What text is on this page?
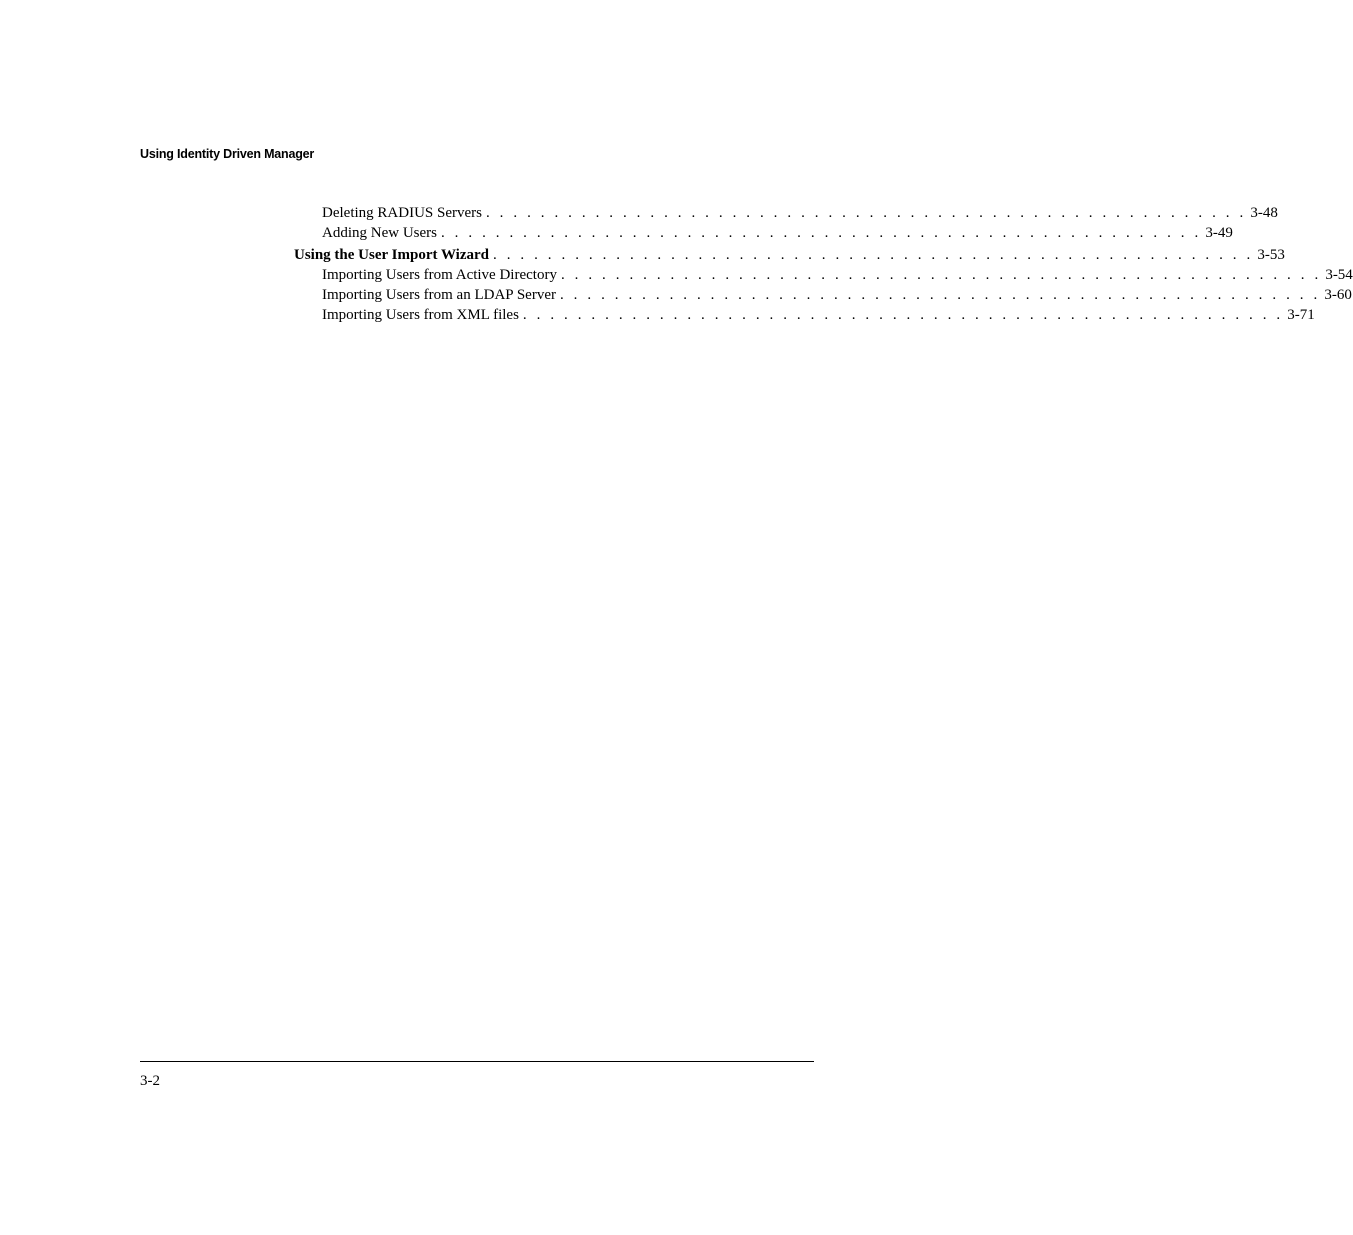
Using Identity Driven Manager
Deleting RADIUS Servers . . . . . . . . . . . . . . . . . . . . . . . . . . . . . . . . . . . . . . . . . . . . . . . . . . . . . . . . 3-48
Adding New Users . . . . . . . . . . . . . . . . . . . . . . . . . . . . . . . . . . . . . . . . . . . . . . . . . . . . . . . . 3-49
Using the User Import Wizard . . . . . . . . . . . . . . . . . . . . . . . . . . . . . . . . . . . . . . . . . . . . . . . . . . . . . . . . 3-53
Importing Users from Active Directory . . . . . . . . . . . . . . . . . . . . . . . . . . . . . . . . . . . . . . . . . . . . . . . . . . . . . . . . 3-54
Importing Users from an LDAP Server . . . . . . . . . . . . . . . . . . . . . . . . . . . . . . . . . . . . . . . . . . . . . . . . . . . . . . . . 3-60
Importing Users from XML files . . . . . . . . . . . . . . . . . . . . . . . . . . . . . . . . . . . . . . . . . . . . . . . . . . . . . . . . 3-71
3-2
